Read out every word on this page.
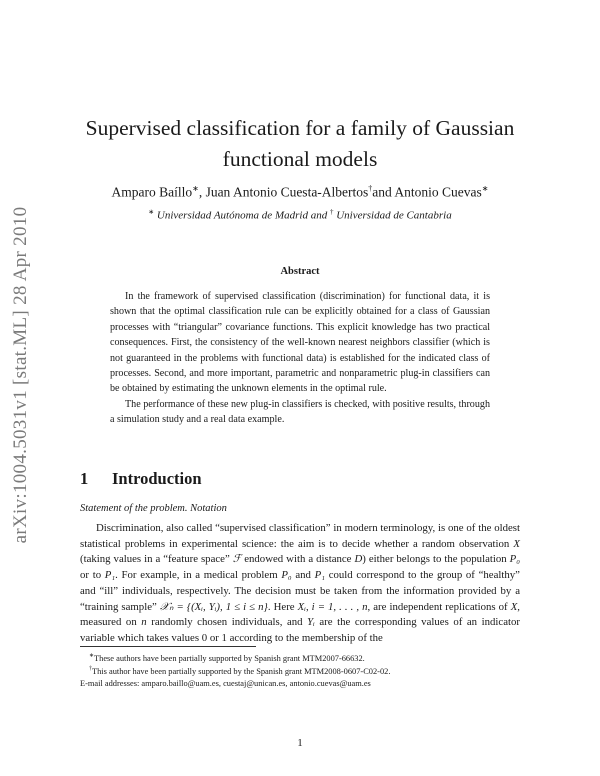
arXiv:1004.5031v1 [stat.ML] 28 Apr 2010
Supervised classification for a family of Gaussian
functional models
Amparo Baíllo∗, Juan Antonio Cuesta-Albertos†and Antonio Cuevas∗
∗ Universidad Autónoma de Madrid and † Universidad de Cantabria
Abstract

In the framework of supervised classification (discrimination) for functional data, it is shown that the optimal classification rule can be explicitly obtained for a class of Gaussian processes with “triangular” covariance functions. This explicit knowledge has two practical consequences. First, the consistency of the well-known nearest neighbors classifier (which is not guaranteed in the problems with functional data) is established for the indicated class of processes. Second, and more important, parametric and nonparametric plug-in classifiers can be obtained by estimating the unknown elements in the optimal rule.

The performance of these new plug-in classifiers is checked, with positive results, through a simulation study and a real data example.

1 Introduction
Statement of the problem. Notation

Discrimination, also called “supervised classification” in modern terminology, is one of the oldest statistical problems in experimental science: the aim is to decide whether a random observation X (taking values in a “feature space” ℱ endowed with a distance D) either belongs to the population P₀ or to P₁. For example, in a medical problem P₀ and P₁ could correspond to the group of “healthy” and “ill” individuals, respectively. The decision must be taken from the information provided by a “training sample” 𝒳ₙ = {(Xᵢ, Yᵢ), 1 ≤ i ≤ n}. Here Xᵢ, i = 1, . . . , n, are independent replications of X, measured on n randomly chosen individuals, and Yᵢ are the corresponding values of an indicator variable which takes values 0 or 1 according to the membership of the

∗These authors have been partially supported by Spanish grant MTM2007-66632.
†This author have been partially supported by the Spanish grant MTM2008-0607-C02-02.
E-mail addresses: amparo.baillo@uam.es, cuestaj@unican.es, antonio.cuevas@uam.es
1
